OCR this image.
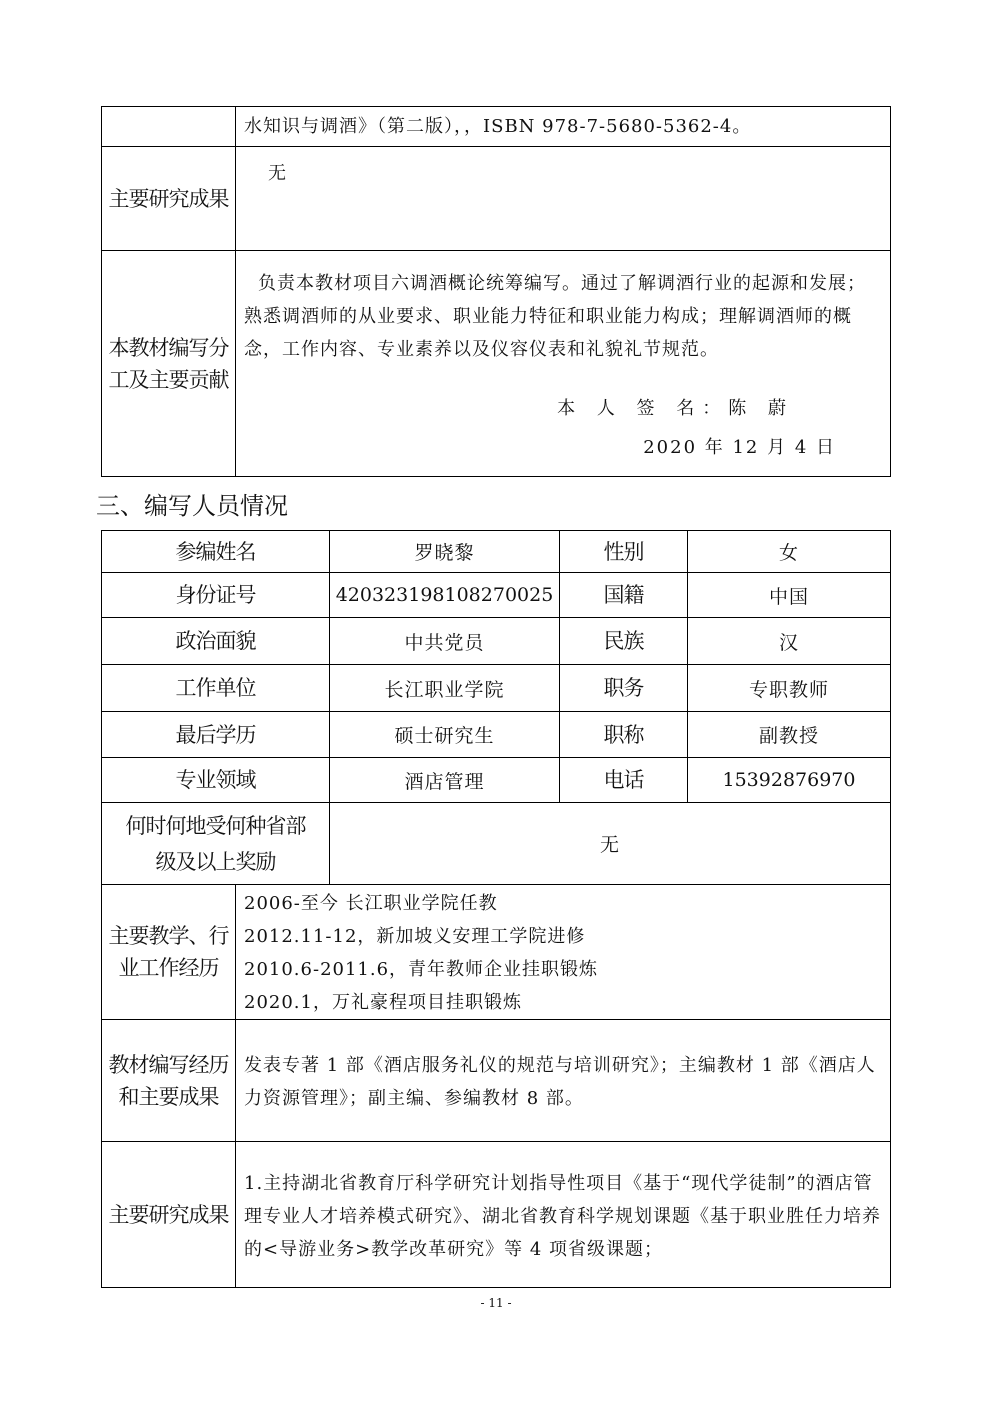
	水知识与调酒》（第二版），，ISBN 978-7-5680-5362-4。
主要研究成果	无
本教材编写分工及主要贡献	负责本教材项目六调酒概论统筹编写。通过了解调酒行业的起源和发展；熟悉调酒师的从业要求、职业能力特征和职业能力构成；理解调酒师的概念，工作内容、专业素养以及仪容仪表和礼貌礼节规范。
本 人 签 名：陈 蔚
2020 年 12 月 4 日
三、编写人员情况
参编姓名		罗晓黎	性别	女
身份证号		420323198108270025	国籍	中国
政治面貌		中共党员	民族	汉
工作单位		长江职业学院	职务	专职教师
最后学历		硕士研究生	职称	副教授
专业领域		酒店管理	电话	15392876970
何时何地受何种省部级及以上奖励		无		
主要教学、行业工作经历	2006-至今 长江职业学院任教
2012.11-12，新加坡义安理工学院进修
2010.6-2011.6，青年教师企业挂职锻炼
2020.1，万礼豪程项目挂职锻炼			

教材编写经历和主要成果	发表专著 1 部《酒店服务礼仪的规范与培训研究》；主编教材 1 部《酒店人力资源管理》；副主编、参编教材 8 部。			
主要研究成果	1.主持湖北省教育厅科学研究计划指导性项目《基于“现代学徒制”的酒店管理专业人才培养模式研究》、湖北省教育科学规划课题《基于职业胜任力培养的<导游业务>教学改革研究》等 4 项省级课题；			
- 11 -
